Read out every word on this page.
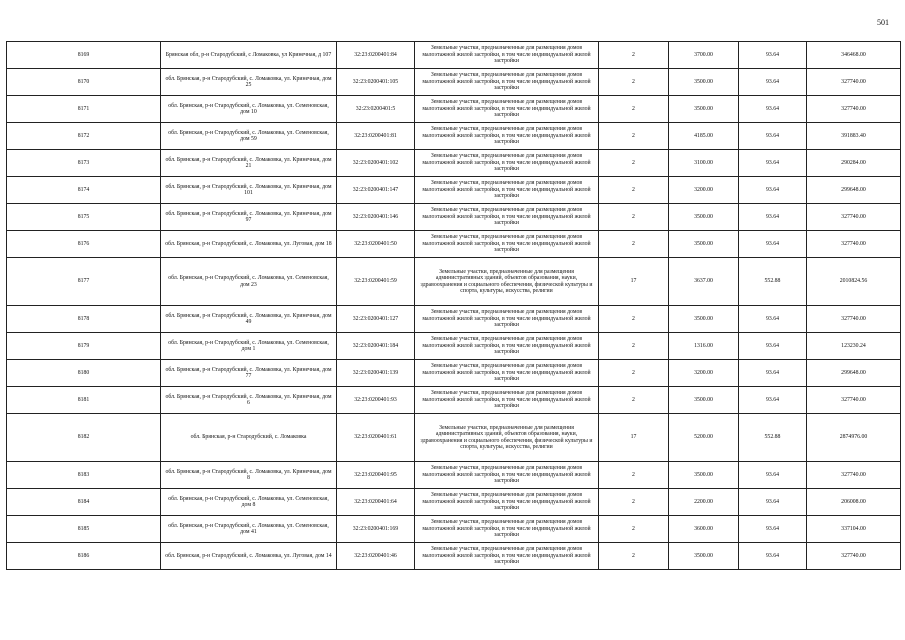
501
8169	Брянская обл, р-н Стародубский, с Ломаковка, ул Кринечная, д 107	32:23:0200401:84	Земельные участки, предназначенные для размещения домов малоэтажной жилой застройки, в том числе индивидуальной жилой застройки	2	3700.00	93.64	346468.00
8170	обл. Брянская, р-н Стародубский, с. Ломаковка, ул. Кринечная, дом 25	32:23:0200401:105	Земельные участки, предназначенные для размещения домов малоэтажной жилой застройки, в том числе индивидуальной жилой застройки	2	3500.00	93.64	327740.00
8171	обл. Брянская, р-н Стародубский, с. Ломаковка, ул. Семеновская, дом 10	32:23:0200401:5	Земельные участки, предназначенные для размещения домов малоэтажной жилой застройки, в том числе индивидуальной жилой застройки	2	3500.00	93.64	327740.00
8172	обл. Брянская, р-н Стародубский, с. Ломаковка, ул. Семеновская, дом 59	32:23:0200401:81	Земельные участки, предназначенные для размещения домов малоэтажной жилой застройки, в том числе индивидуальной жилой застройки	2	4185.00	93.64	391883.40
8173	обл. Брянская, р-н Стародубский, с. Ломаковка, ул. Кринечная, дом 21	32:23:0200401:102	Земельные участки, предназначенные для размещения домов малоэтажной жилой застройки, в том числе индивидуальной жилой застройки	2	3100.00	93.64	290284.00
8174	обл. Брянская, р-н Стародубский, с. Ломаковка, ул. Кринечная, дом 101	32:23:0200401:147	Земельные участки, предназначенные для размещения домов малоэтажной жилой застройки, в том числе индивидуальной жилой застройки	2	3200.00	93.64	299648.00
8175	обл. Брянская, р-н Стародубский, с. Ломаковка, ул. Кринечная, дом 97	32:23:0200401:146	Земельные участки, предназначенные для размещения домов малоэтажной жилой застройки, в том числе индивидуальной жилой застройки	2	3500.00	93.64	327740.00
8176	обл. Брянская, р-н Стародубский, с. Ломаковка, ул. Луговая, дом 18	32:23:0200401:50	Земельные участки, предназначенные для размещения домов малоэтажной жилой застройки, в том числе индивидуальной жилой застройки	2	3500.00	93.64	327740.00
8177	обл. Брянская, р-н Стародубский, с. Ломаковка, ул. Семеновская, дом 23	32:23:0200401:59	Земельные участки, предназначенные для размещения административных зданий, объектов образования, науки, здравоохранения и социального обеспечения, физической культуры и спорта, культуры, искусства, религии	17	3637.00	552.88	2010824.56
8178	обл. Брянская, р-н Стародубский, с. Ломаковка, ул. Кринечная, дом 49	32:23:0200401:127	Земельные участки, предназначенные для размещения домов малоэтажной жилой застройки, в том числе индивидуальной жилой застройки	2	3500.00	93.64	327740.00
8179	обл. Брянская, р-н Стародубский, с. Ломаковка, ул. Семеновская, дом 1	32:23:0200401:184	Земельные участки, предназначенные для размещения домов малоэтажной жилой застройки, в том числе индивидуальной жилой застройки	2	1316.00	93.64	123230.24
8180	обл. Брянская, р-н Стародубский, с. Ломаковка, ул. Кринечная, дом 77	32:23:0200401:139	Земельные участки, предназначенные для размещения домов малоэтажной жилой застройки, в том числе индивидуальной жилой застройки	2	3200.00	93.64	299648.00
8181	обл. Брянская, р-н Стародубский, с. Ломаковка, ул. Кринечная, дом 6	32:23:0200401:93	Земельные участки, предназначенные для размещения домов малоэтажной жилой застройки, в том числе индивидуальной жилой застройки	2	3500.00	93.64	327740.00
8182	обл. Брянская, р-н Стародубский, с. Ломаковка	32:23:0200401:61	Земельные участки, предназначенные для размещения административных зданий, объектов образования, науки, здравоохранения и социального обеспечения, физической культуры и спорта, культуры, искусства, религии	17	5200.00	552.88	2874976.00
8183	обл. Брянская, р-н Стародубский, с. Ломаковка, ул. Кринечная, дом 8	32:23:0200401:95	Земельные участки, предназначенные для размещения домов малоэтажной жилой застройки, в том числе индивидуальной жилой застройки	2	3500.00	93.64	327740.00
8184	обл. Брянская, р-н Стародубский, с. Ломаковка, ул. Семеновская, дом 8	32:23:0200401:64	Земельные участки, предназначенные для размещения домов малоэтажной жилой застройки, в том числе индивидуальной жилой застройки	2	2200.00	93.64	206008.00
8185	обл. Брянская, р-н Стародубский, с. Ломаковка, ул. Семеновская, дом 41	32:23:0200401:169	Земельные участки, предназначенные для размещения домов малоэтажной жилой застройки, в том числе индивидуальной жилой застройки	2	3600.00	93.64	337104.00
8186	обл. Брянская, р-н Стародубский, с. Ломаковка, ул. Луговая, дом 14	32:23:0200401:46	Земельные участки, предназначенные для размещения домов малоэтажной жилой застройки, в том числе индивидуальной жилой застройки	2	3500.00	93.64	327740.00
